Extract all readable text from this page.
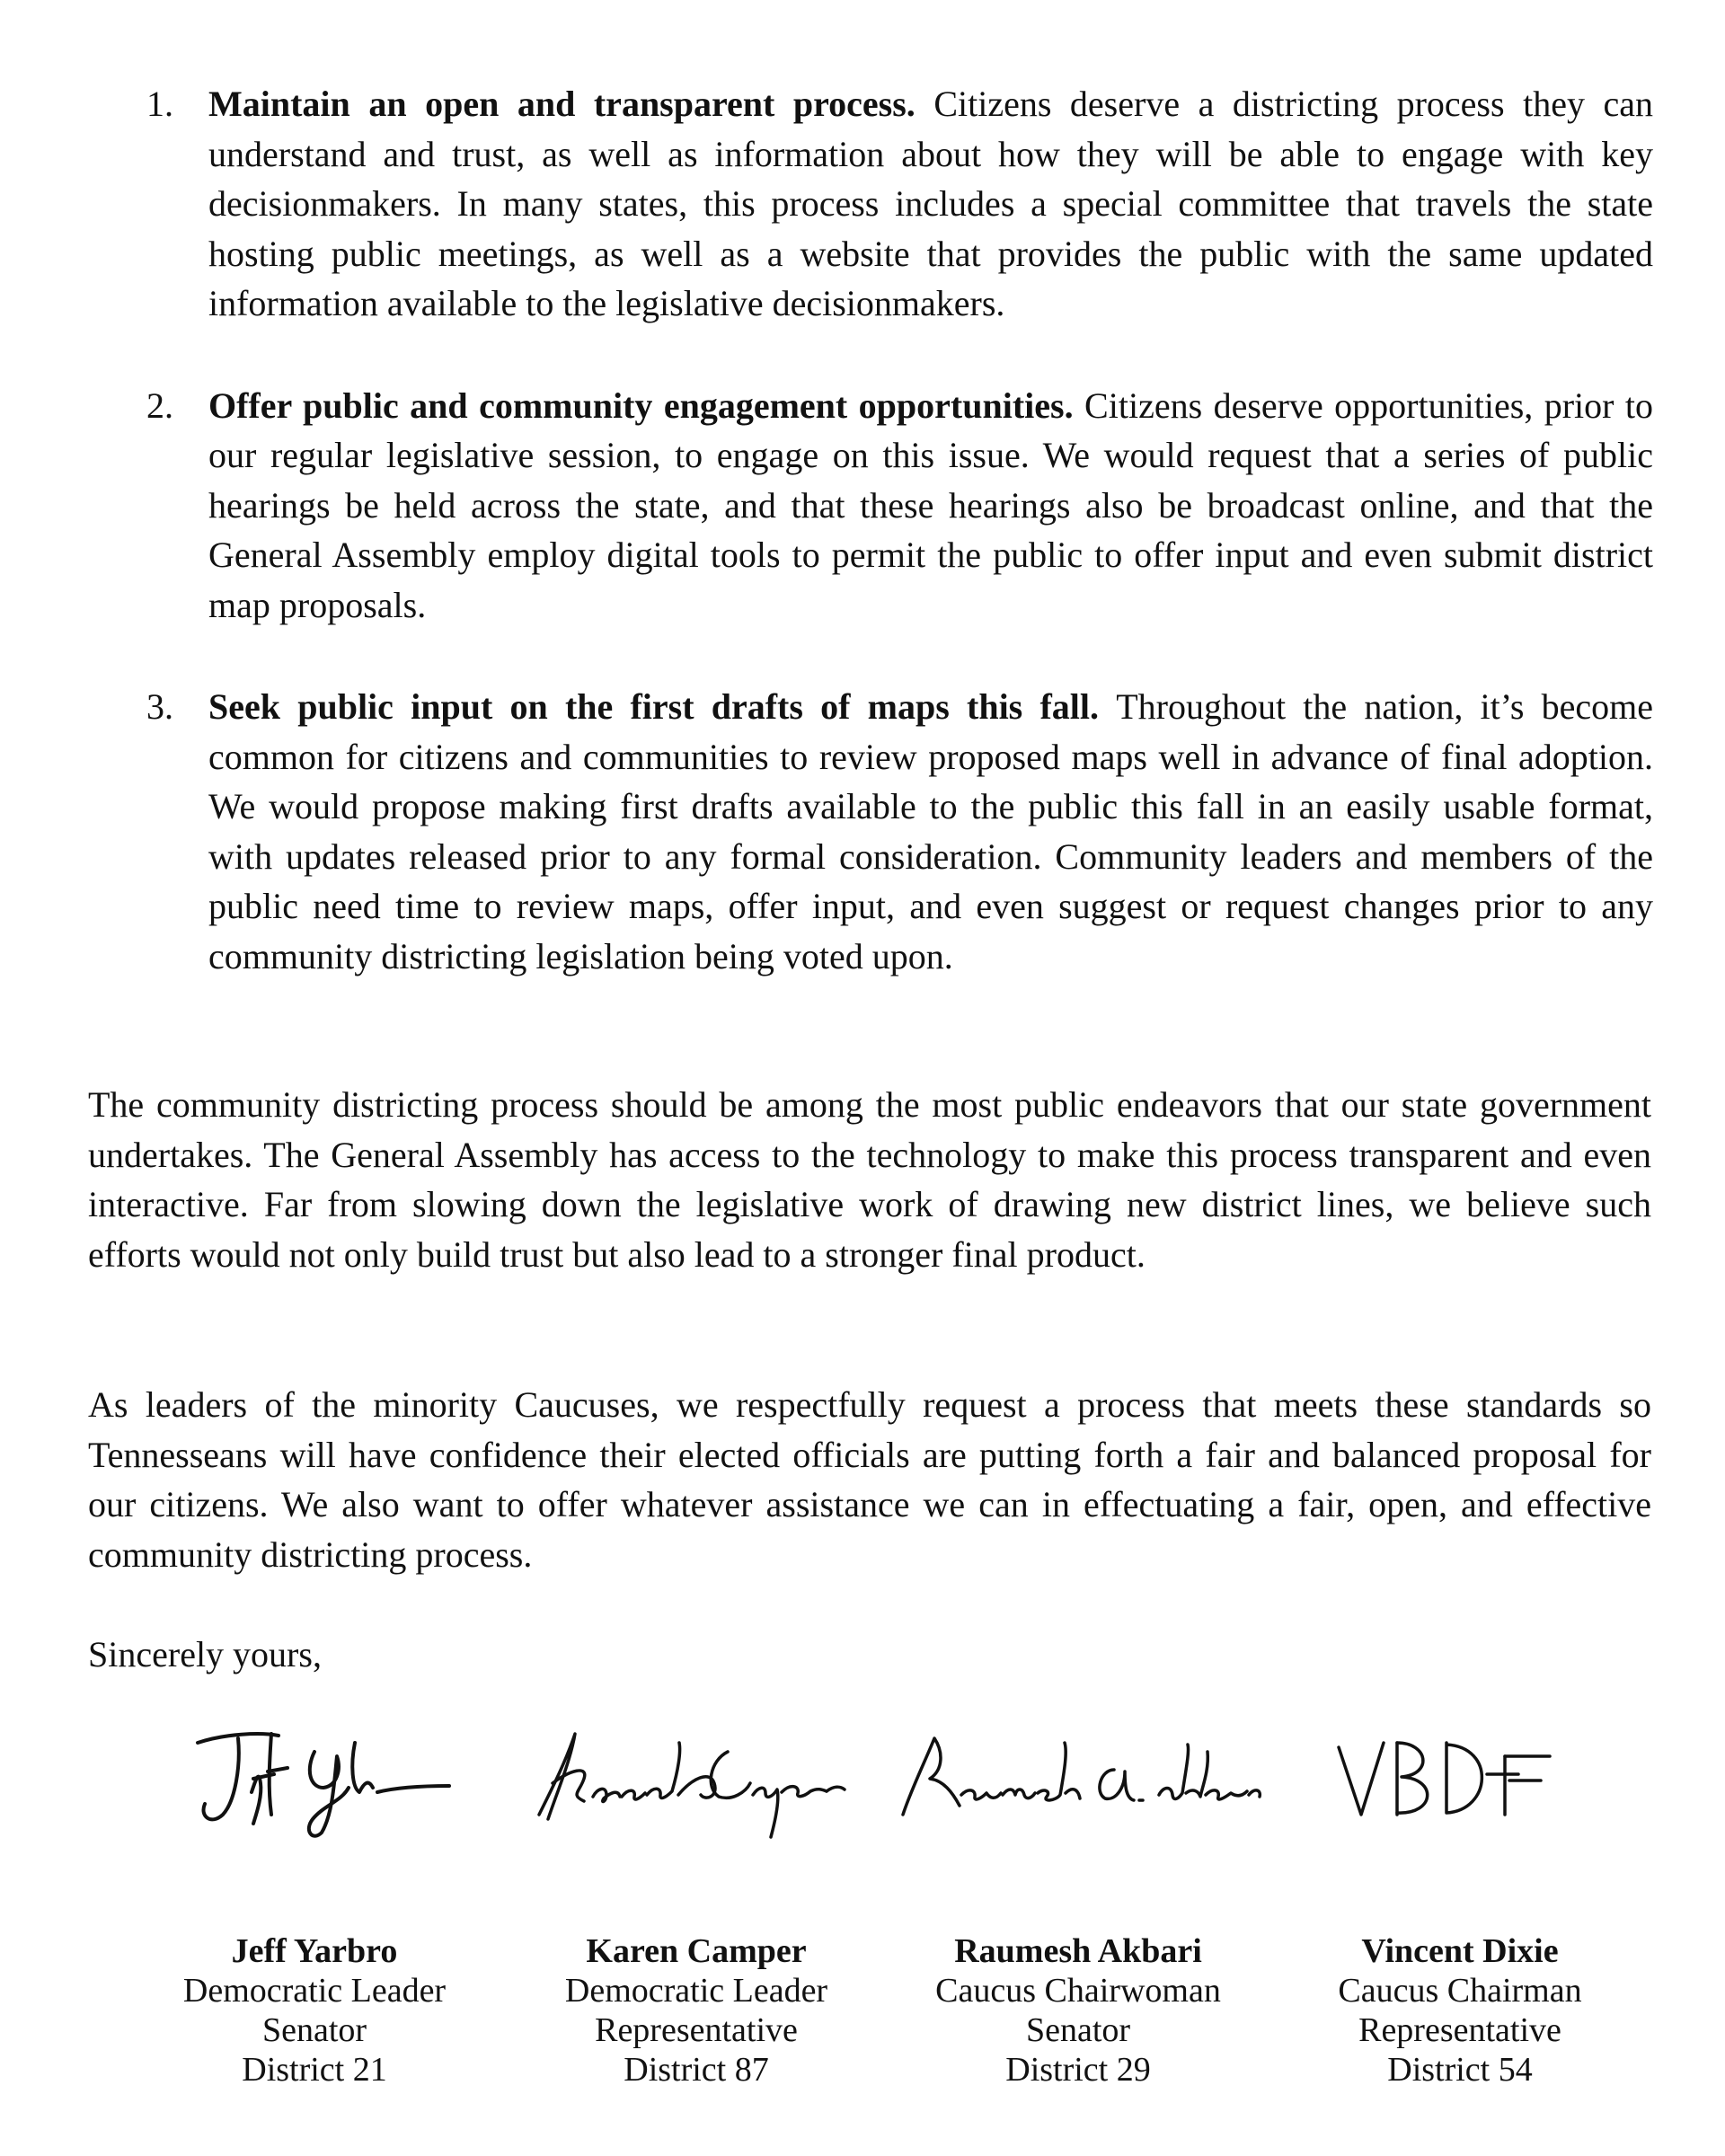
1. Maintain an open and transparent process. Citizens deserve a districting process they can understand and trust, as well as information about how they will be able to engage with key decisionmakers. In many states, this process includes a special committee that travels the state hosting public meetings, as well as a website that provides the public with the same updated information available to the legislative decisionmakers.
2. Offer public and community engagement opportunities. Citizens deserve opportunities, prior to our regular legislative session, to engage on this issue. We would request that a series of public hearings be held across the state, and that these hearings also be broadcast online, and that the General Assembly employ digital tools to permit the public to offer input and even submit district map proposals.
3. Seek public input on the first drafts of maps this fall. Throughout the nation, it’s become common for citizens and communities to review proposed maps well in advance of final adoption. We would propose making first drafts available to the public this fall in an easily usable format, with updates released prior to any formal consideration. Community leaders and members of the public need time to review maps, offer input, and even suggest or request changes prior to any community districting legislation being voted upon.

The community districting process should be among the most public endeavors that our state government undertakes. The General Assembly has access to the technology to make this process transparent and even interactive. Far from slowing down the legislative work of drawing new district lines, we believe such efforts would not only build trust but also lead to a stronger final product.

As leaders of the minority Caucuses, we respectfully request a process that meets these standards so Tennesseans will have confidence their elected officials are putting forth a fair and balanced proposal for our citizens. We also want to offer whatever assistance we can in effectuating a fair, open, and effective community districting process.

Sincerely yours,
Jeff Yarbro
Democratic Leader
Senator
District 21
Karen Camper
Democratic Leader
Representative
District 87
Raumesh Akbari
Caucus Chairwoman
Senator
District 29
Vincent Dixie
Caucus Chairman
Representative
District 54
